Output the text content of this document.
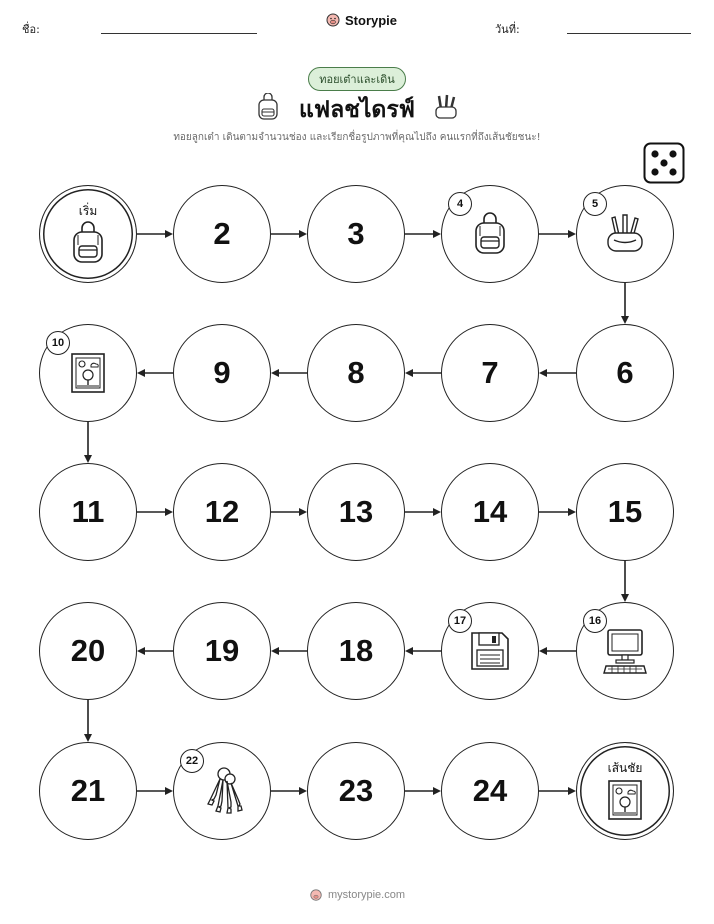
ชื่อ:
Storypie
วันที่:
ทอยเต๋าและเดิน
แฟลชไดรฟ์
ทอยลูกเต๋า เดินตามจำนวนช่อง และเรียกชื่อรูปภาพที่คุณไปถึง คนแรกที่ถึงเส้นชัยชนะ!
เริ่ม
2	3
4	5
6
7
8
9
10
11	12	13	14	15
16
17
18
19
20
21
22
23	24
เส้นชัย
mystorypie.com
